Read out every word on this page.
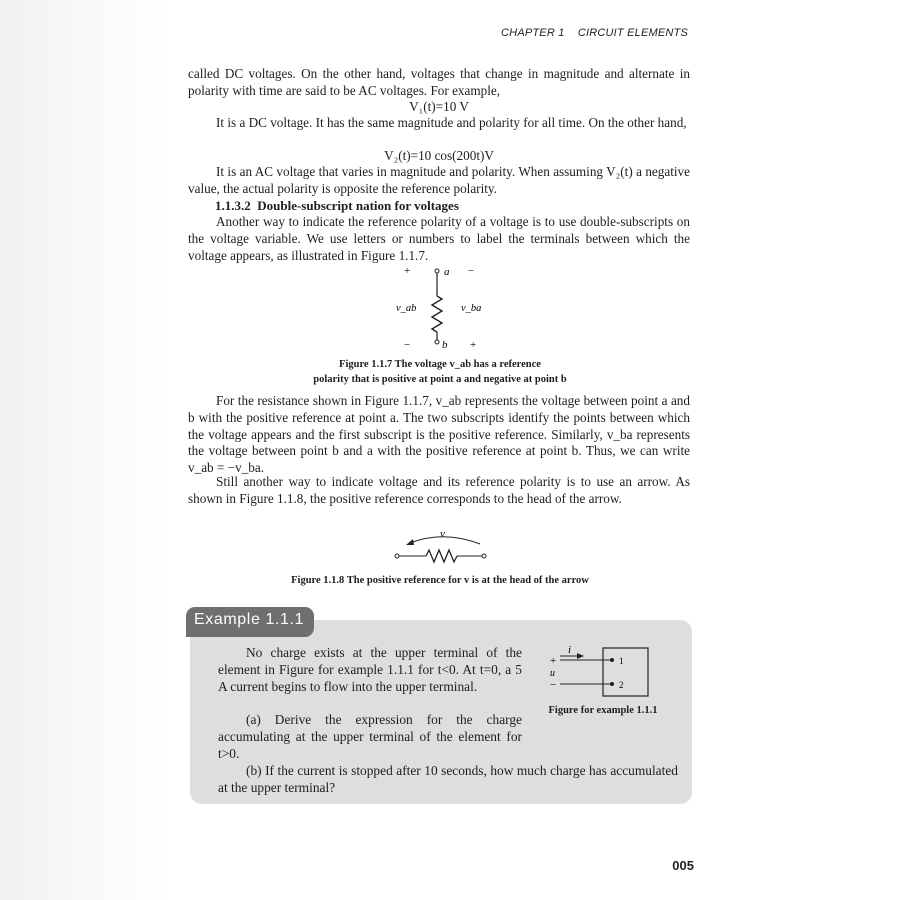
CHAPTER 1 CIRCUIT ELEMENTS

called DC voltages. On the other hand, voltages that change in magnitude and alternate in polarity with time are said to be AC voltages. For example,

V₁(t)=10 V

It is a DC voltage. It has the same magnitude and polarity for all time. On the other hand,

V₂(t)=10 cos(200t)V

It is an AC voltage that varies in magnitude and polarity. When assuming V₂(t) a negative value, the actual polarity is opposite the reference polarity.

1.1.3.2 Double-subscript nation for voltages

Another way to indicate the reference polarity of a voltage is to use double-subscripts on the voltage variable. We use letters or numbers to label the terminals between which the voltage appears, as illustrated in Figure 1.1.7.

+	−
a
b
v_ab	v_ba
−	+

Figure 1.1.7 The voltage v_ab has a reference
polarity that is positive at point a and negative at point b

For the resistance shown in Figure 1.1.7, v_ab represents the voltage between point a and b with the positive reference at point a. The two subscripts identify the points between which the voltage appears and the first subscript is the positive reference. Similarly, v_ba represents the voltage between point b and a with the positive reference at point b. Thus, we can write v_ab = −v_ba.

Still another way to indicate voltage and its reference polarity is to use an arrow. As shown in Figure 1.1.8, the positive reference corresponds to the head of the arrow.

v

Figure 1.1.8 The positive reference for v is at the head of the arrow

Example 1.1.1

No charge exists at the upper terminal of the element in Figure for example 1.1.1 for t<0. At t=0, a 5 A current begins to flow into the upper terminal.

(a) Derive the expression for the charge accumulating at the upper terminal of the element for t>0.

(b) If the current is stopped after 10 seconds, how much charge has accumulated at the upper terminal?

i
+
u
−
1
2

Figure for example 1.1.1

005
